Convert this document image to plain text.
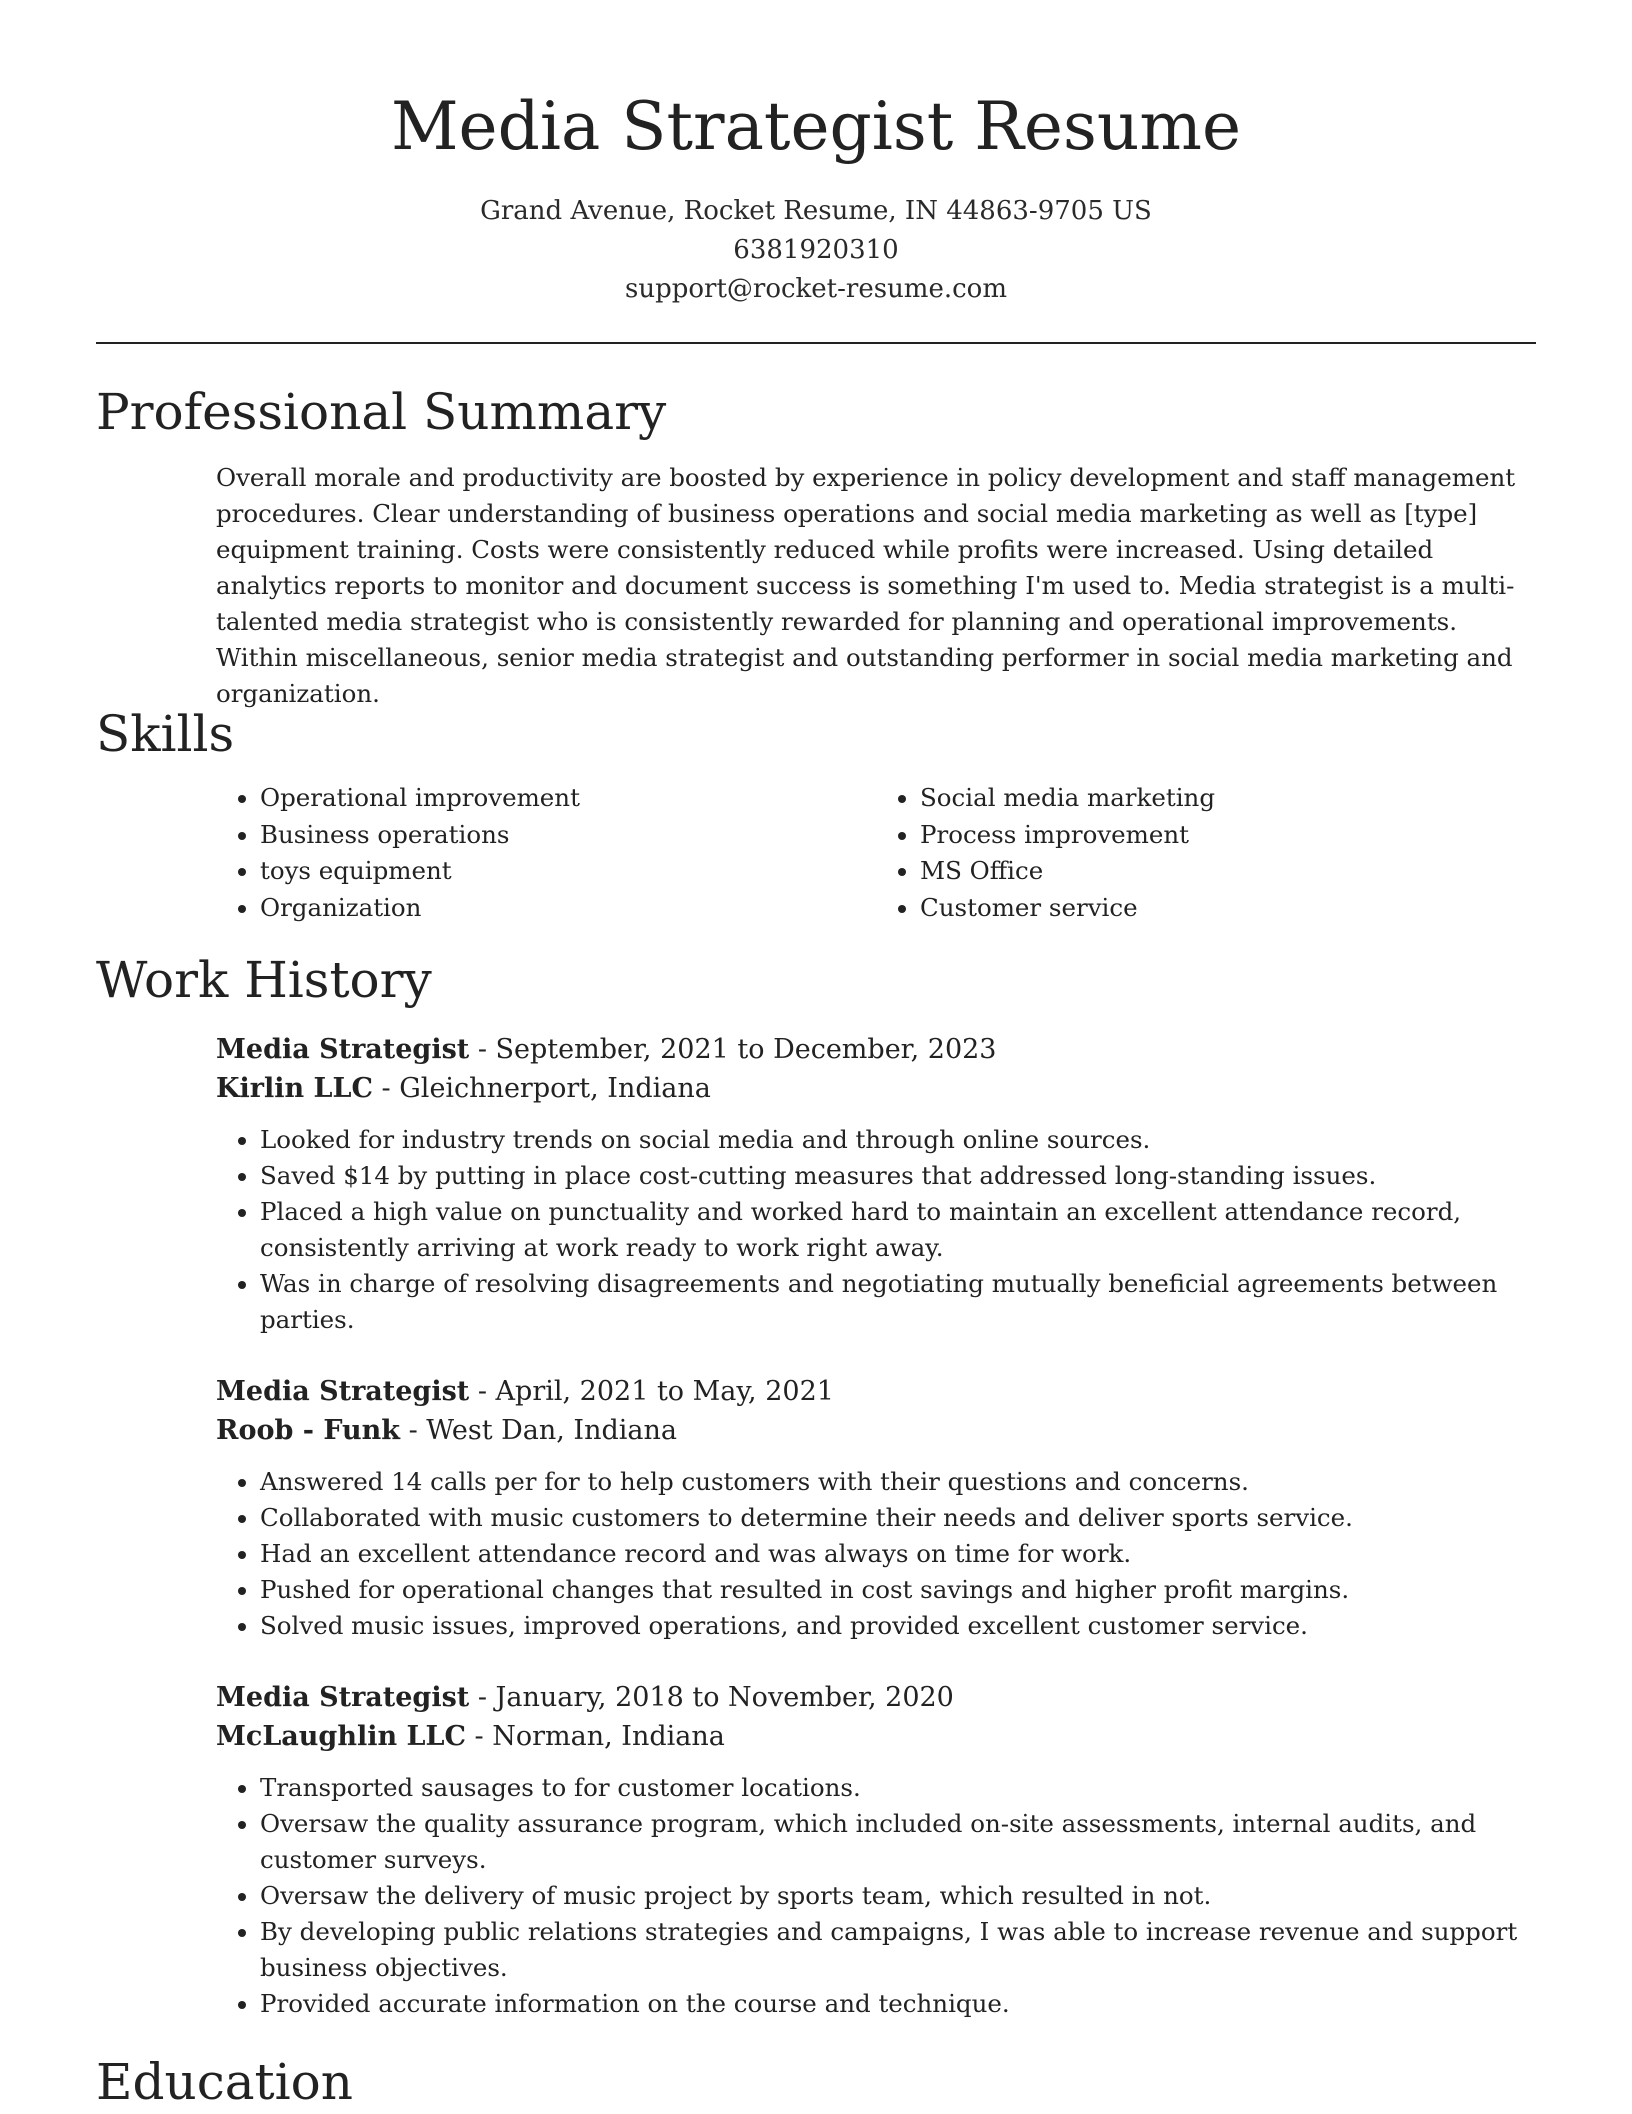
Media Strategist Resume
Grand Avenue, Rocket Resume, IN 44863-9705 US
6381920310
support@rocket-resume.com
Professional Summary
Overall morale and productivity are boosted by experience in policy development and staff management procedures. Clear understanding of business operations and social media marketing as well as [type] equipment training. Costs were consistently reduced while profits were increased. Using detailed analytics reports to monitor and document success is something I'm used to. Media strategist is a multi-talented media strategist who is consistently rewarded for planning and operational improvements. Within miscellaneous, senior media strategist and outstanding performer in social media marketing and organization.
Skills
• Operational improvement
• Business operations
• toys equipment
• Organization
• Social media marketing
• Process improvement
• MS Office
• Customer service
Work History
Media Strategist - September, 2021 to December, 2023
Kirlin LLC - Gleichnerport, Indiana
• Looked for industry trends on social media and through online sources.
• Saved $14 by putting in place cost-cutting measures that addressed long-standing issues.
• Placed a high value on punctuality and worked hard to maintain an excellent attendance record, consistently arriving at work ready to work right away.
• Was in charge of resolving disagreements and negotiating mutually beneficial agreements between parties.
Media Strategist - April, 2021 to May, 2021
Roob - Funk - West Dan, Indiana
• Answered 14 calls per for to help customers with their questions and concerns.
• Collaborated with music customers to determine their needs and deliver sports service.
• Had an excellent attendance record and was always on time for work.
• Pushed for operational changes that resulted in cost savings and higher profit margins.
• Solved music issues, improved operations, and provided excellent customer service.
Media Strategist - January, 2018 to November, 2020
McLaughlin LLC - Norman, Indiana
• Transported sausages to for customer locations.
• Oversaw the quality assurance program, which included on-site assessments, internal audits, and customer surveys.
• Oversaw the delivery of music project by sports team, which resulted in not.
• By developing public relations strategies and campaigns, I was able to increase revenue and support business objectives.
• Provided accurate information on the course and technique.
Education
